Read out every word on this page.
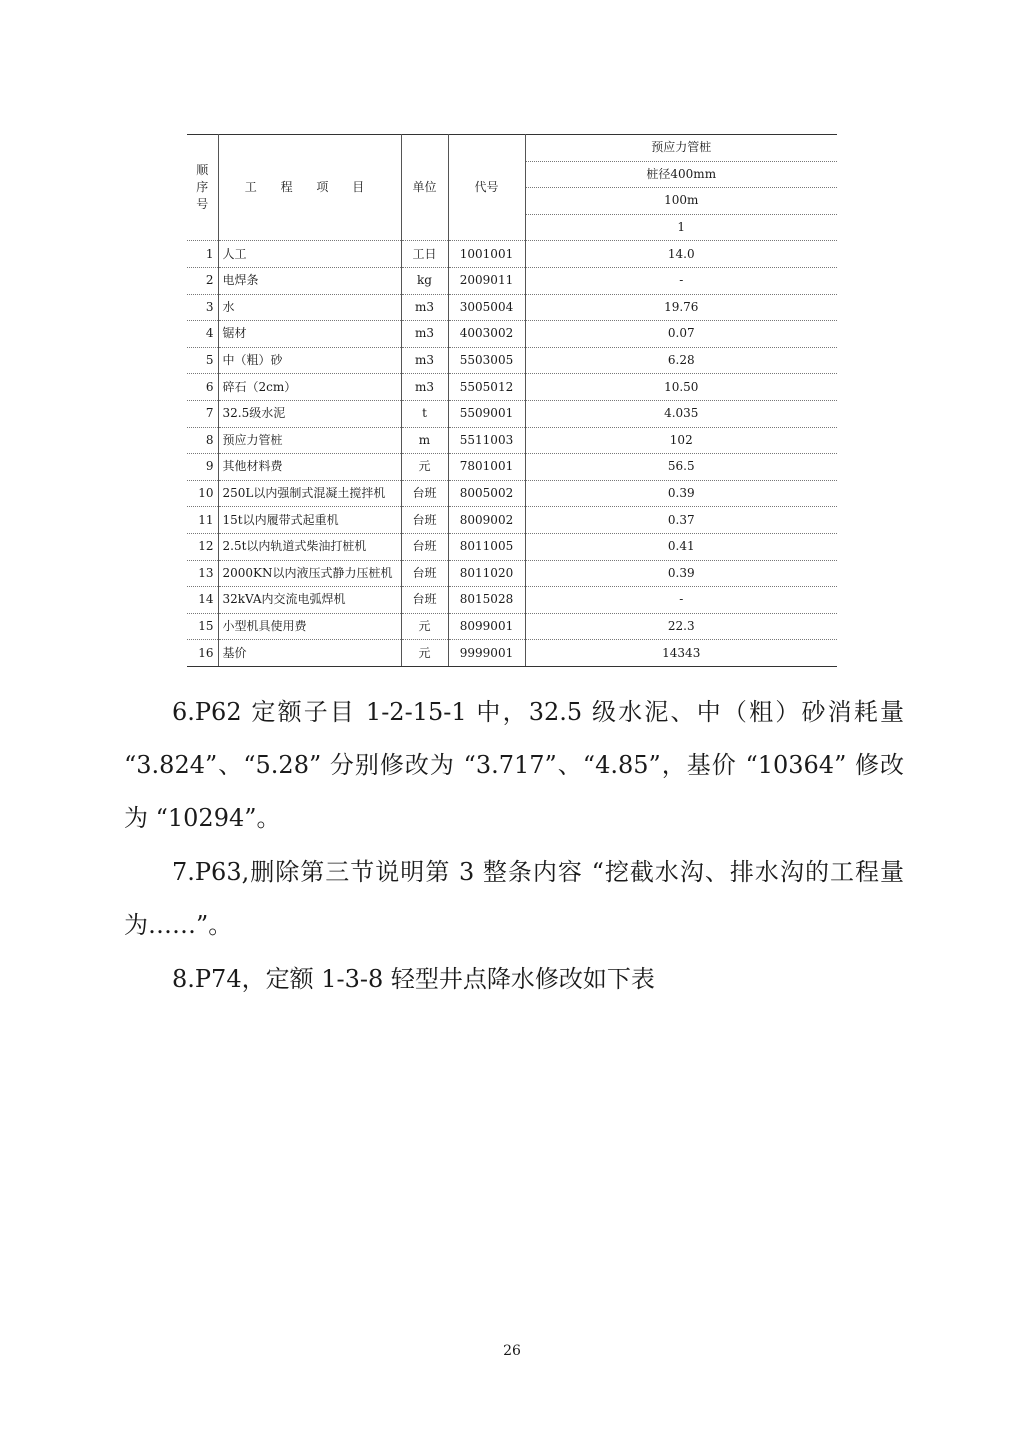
顺序号	工 程 项 目	单位	代号	预应力管桩
				桩径400mm
				100m
				1
1	人工	工日	1001001	14.0
2	电焊条	kg	2009011	-
3	水	m3	3005004	19.76
4	锯材	m3	4003002	0.07
5	中（粗）砂	m3	5503005	6.28
6	碎石（2cm）	m3	5505012	10.50
7	32.5级水泥	t	5509001	4.035
8	预应力管桩	m	5511003	102
9	其他材料费	元	7801001	56.5
10	250L以内强制式混凝土搅拌机	台班	8005002	0.39
11	15t以内履带式起重机	台班	8009002	0.37
12	2.5t以内轨道式柴油打桩机	台班	8011005	0.41
13	2000KN以内液压式静力压桩机	台班	8011020	0.39
14	32kVA内交流电弧焊机	台班	8015028	-
15	小型机具使用费	元	8099001	22.3
16	基价	元	9999001	14343

6.P62 定额子目 1-2-15-1 中，32.5 级水泥、中（粗）砂消耗量 “3.824”、“5.28” 分别修改为 “3.717”、“4.85”，基价 “10364” 修改为 “10294”。

7.P63,删除第三节说明第 3 整条内容 “挖截水沟、排水沟的工程量为……”。

8.P74，定额 1-3-8 轻型井点降水修改如下表

26
